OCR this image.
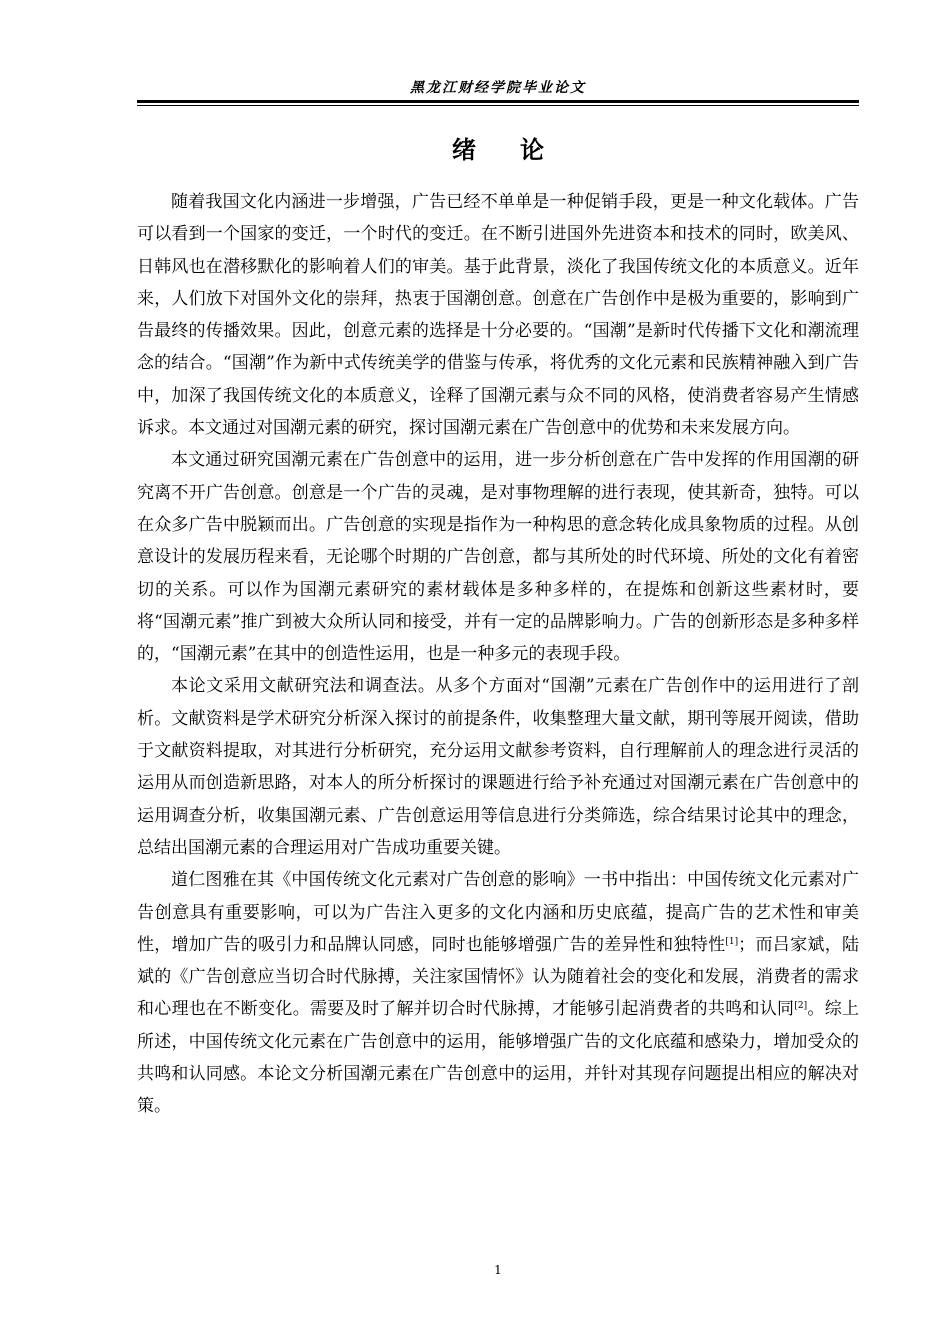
黑龙江财经学院毕业论文
绪论

随着我国文化内涵进一步增强，广告已经不单单是一种促销手段，更是一种文化载体。广告可以看到一个国家的变迁，一个时代的变迁。在不断引进国外先进资本和技术的同时，欧美风、日韩风也在潜移默化的影响着人们的审美。基于此背景，淡化了我国传统文化的本质意义。近年来，人们放下对国外文化的崇拜，热衷于国潮创意。创意在广告创作中是极为重要的，影响到广告最终的传播效果。因此，创意元素的选择是十分必要的。“国潮”是新时代传播下文化和潮流理念的结合。“国潮”作为新中式传统美学的借鉴与传承，将优秀的文化元素和民族精神融入到广告中，加深了我国传统文化的本质意义，诠释了国潮元素与众不同的风格，使消费者容易产生情感诉求。本文通过对国潮元素的研究，探讨国潮元素在广告创意中的优势和未来发展方向。

本文通过研究国潮元素在广告创意中的运用，进一步分析创意在广告中发挥的作用国潮的研究离不开广告创意。创意是一个广告的灵魂，是对事物理解的进行表现，使其新奇，独特。可以在众多广告中脱颖而出。广告创意的实现是指作为一种构思的意念转化成具象物质的过程。从创意设计的发展历程来看，无论哪个时期的广告创意，都与其所处的时代环境、所处的文化有着密切的关系。可以作为国潮元素研究的素材载体是多种多样的，在提炼和创新这些素材时，要将“国潮元素”推广到被大众所认同和接受，并有一定的品牌影响力。广告的创新形态是多种多样的，“国潮元素”在其中的创造性运用，也是一种多元的表现手段。

本论文采用文献研究法和调查法。从多个方面对“国潮”元素在广告创作中的运用进行了剖析。文献资料是学术研究分析深入探讨的前提条件，收集整理大量文献，期刊等展开阅读，借助于文献资料提取，对其进行分析研究，充分运用文献参考资料，自行理解前人的理念进行灵活的运用从而创造新思路，对本人的所分析探讨的课题进行给予补充通过对国潮元素在广告创意中的运用调查分析，收集国潮元素、广告创意运用等信息进行分类筛选，综合结果讨论其中的理念，总结出国潮元素的合理运用对广告成功重要关键。

道仁图雅在其《中国传统文化元素对广告创意的影响》一书中指出：中国传统文化元素对广告创意具有重要影响，可以为广告注入更多的文化内涵和历史底蕴，提高广告的艺术性和审美性，增加广告的吸引力和品牌认同感，同时也能够增强广告的差异性和独特性[1]；而吕家斌，陆斌的《广告创意应当切合时代脉搏，关注家国情怀》认为随着社会的变化和发展，消费者的需求和心理也在不断变化。需要及时了解并切合时代脉搏，才能够引起消费者的共鸣和认同[2]。综上所述，中国传统文化元素在广告创意中的运用，能够增强广告的文化底蕴和感染力，增加受众的共鸣和认同感。本论文分析国潮元素在广告创意中的运用，并针对其现存问题提出相应的解决对策。

1
